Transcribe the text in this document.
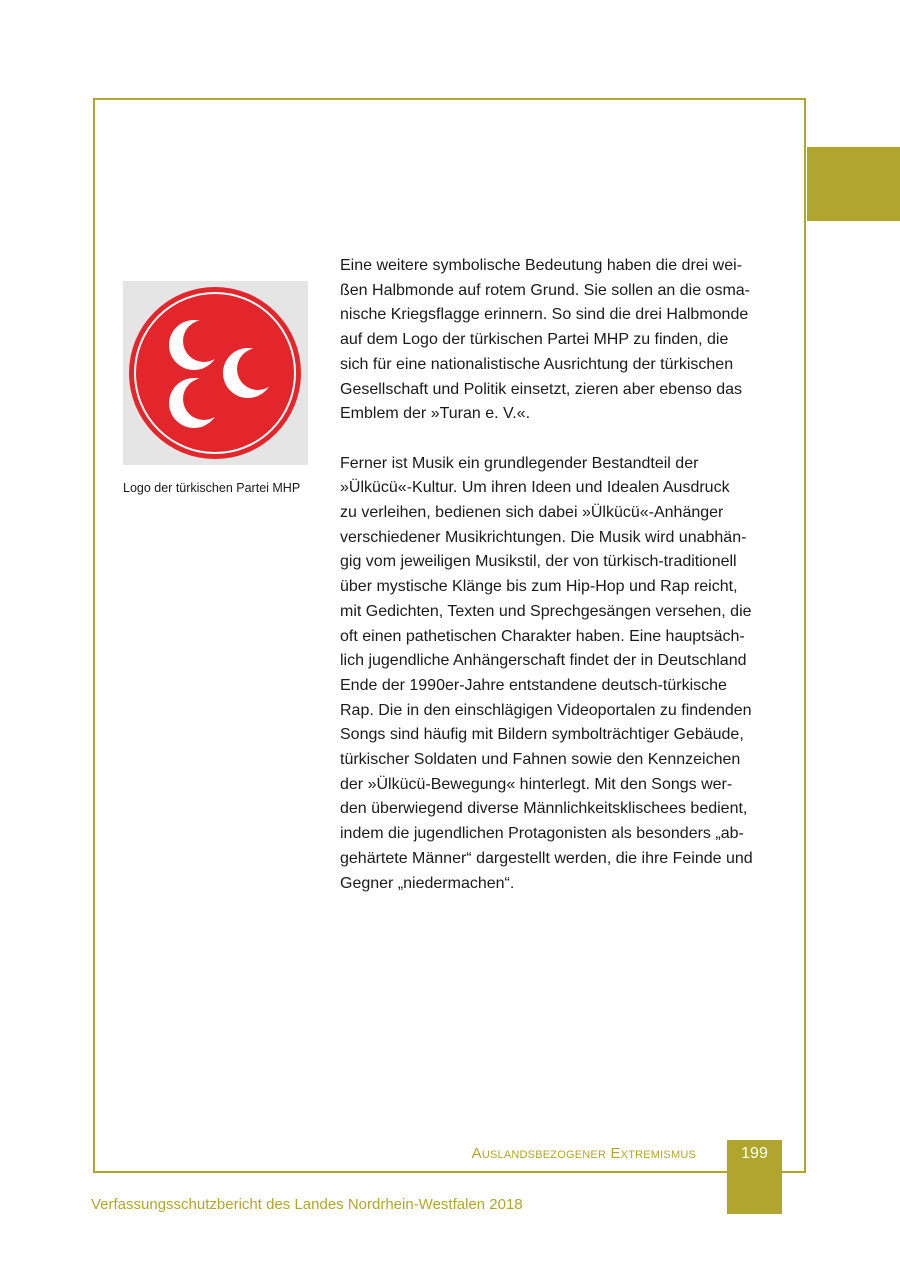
Logo der türkischen Partei MHP

Eine weitere symbolische Bedeutung haben die drei wei-
ßen Halbmonde auf rotem Grund. Sie sollen an die osma-
nische Kriegsflagge erinnern. So sind die drei Halbmonde
auf dem Logo der türkischen Partei MHP zu finden, die
sich für eine nationalistische Ausrichtung der türkischen
Gesellschaft und Politik einsetzt, zieren aber ebenso das
Emblem der »Turan e. V.«.

Ferner ist Musik ein grundlegender Bestandteil der
»Ülkücü«-Kultur. Um ihren Ideen und Idealen Ausdruck
zu verleihen, bedienen sich dabei »Ülkücü«-Anhänger
verschiedener Musikrichtungen. Die Musik wird unabhän-
gig vom jeweiligen Musikstil, der von türkisch-traditionell
über mystische Klänge bis zum Hip-Hop und Rap reicht,
mit Gedichten, Texten und Sprechgesängen versehen, die
oft einen pathetischen Charakter haben. Eine hauptsäch-
lich jugendliche Anhängerschaft findet der in Deutschland
Ende der 1990er-Jahre entstandene deutsch-türkische
Rap. Die in den einschlägigen Videoportalen zu findenden
Songs sind häufig mit Bildern symbolträchtiger Gebäude,
türkischer Soldaten und Fahnen sowie den Kennzeichen
der »Ülkücü-Bewegung« hinterlegt. Mit den Songs wer-
den überwiegend diverse Männlichkeitsklischees bedient,
indem die jugendlichen Protagonisten als besonders „ab-
gehärtete Männer“ dargestellt werden, die ihre Feinde und
Gegner „niedermachen“.

Auslandsbezogener Extremismus	199
Verfassungsschutzbericht des Landes Nordrhein-Westfalen 2018
